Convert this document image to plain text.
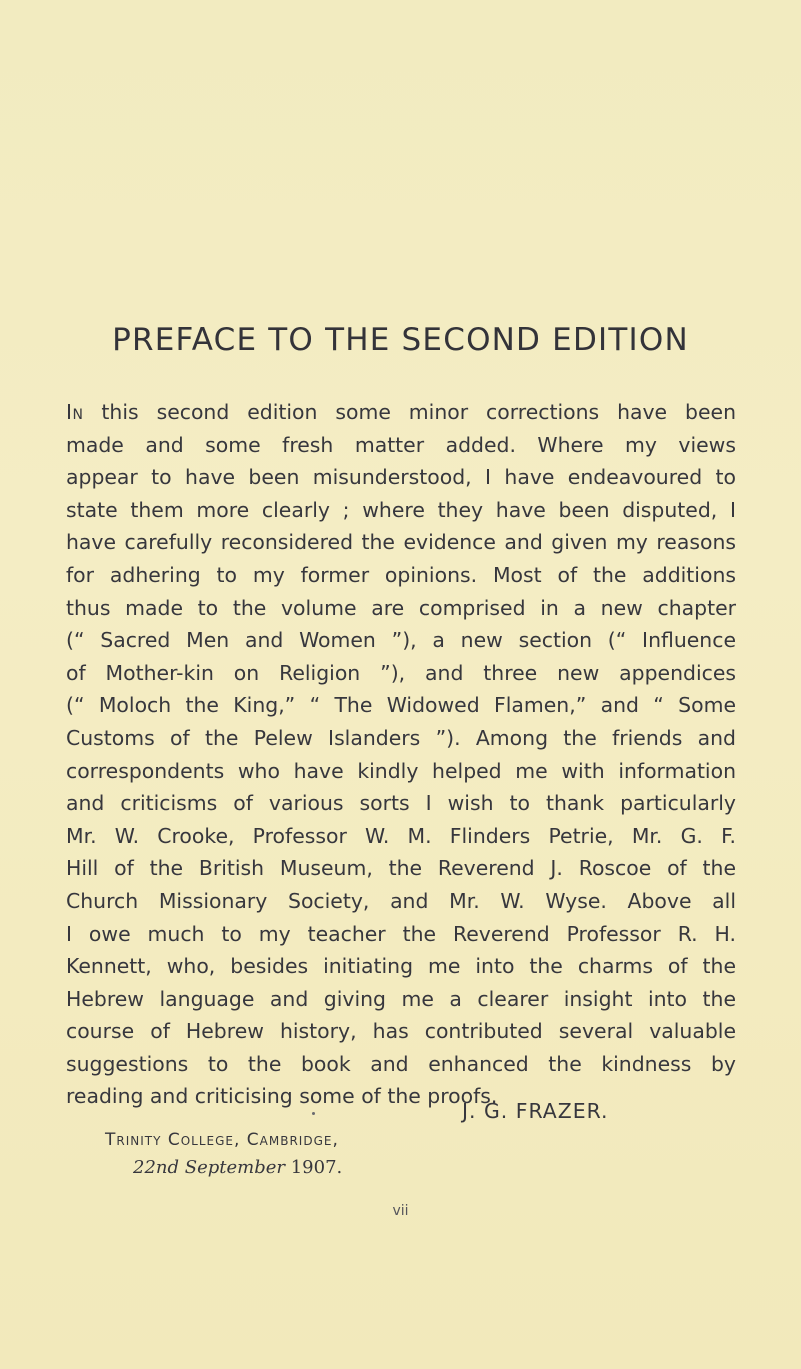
PREFACE TO THE SECOND EDITION
In this second edition some minor corrections have been
made and some fresh matter added. Where my views
appear to have been misunderstood, I have endeavoured to
state them more clearly ; where they have been disputed, I
have carefully reconsidered the evidence and given my reasons
for adhering to my former opinions. Most of the additions
thus made to the volume are comprised in a new chapter
(“ Sacred Men and Women ”), a new section (“ Influence
of Mother-kin on Religion ”), and three new appendices
(“ Moloch the King,” “ The Widowed Flamen,” and “ Some
Customs of the Pelew Islanders ”). Among the friends and
correspondents who have kindly helped me with information
and criticisms of various sorts I wish to thank particularly
Mr. W. Crooke, Professor W. M. Flinders Petrie, Mr. G. F.
Hill of the British Museum, the Reverend J. Roscoe of the
Church Missionary Society, and Mr. W. Wyse. Above all
I owe much to my teacher the Reverend Professor R. H.
Kennett, who, besides initiating me into the charms of the
Hebrew language and giving me a clearer insight into the
course of Hebrew history, has contributed several valuable
suggestions to the book and enhanced the kindness by
reading and criticising some of the proofs.
J. G. FRAZER.
Trinity College, Cambridge,
22nd September 1907.
vii
